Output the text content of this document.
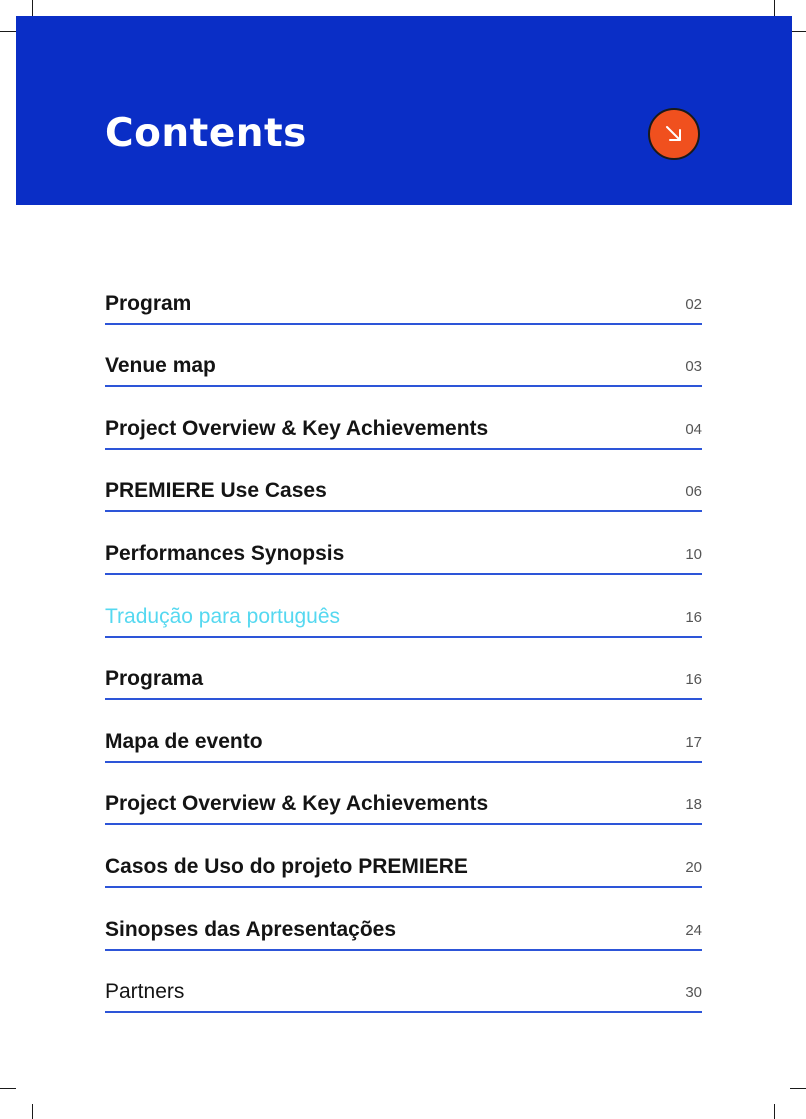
Contents
Program	02
Venue map	03
Project Overview & Key Achievements	04
PREMIERE Use Cases	06
Performances Synopsis	10
Tradução para português	16
Programa	16
Mapa de evento	17
Project Overview & Key Achievements	18
Casos de Uso do projeto PREMIERE	20
Sinopses das Apresentações	24
Partners	30
